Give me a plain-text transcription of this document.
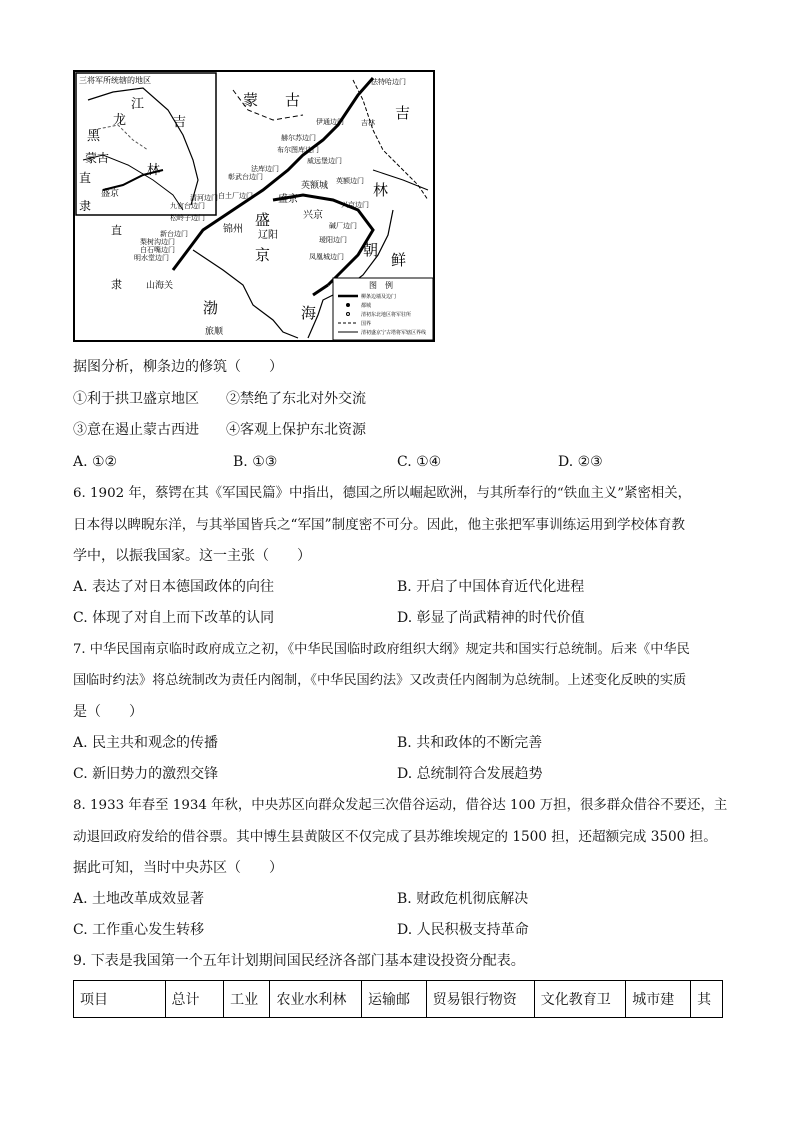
三将军所统辖的地区
江
吉
龙
黑
林
蒙古
盛京
直
隶
蒙 古
吉
林
盛
京	朝
鲜
渤	海
直
隶
辽阳
兴京
锦州
盛京
英额城
山海关
旅顺
法特哈边门
伊通边门 吉林
赫尔苏边门
布尔图库边门
威远堡边门
法库边门
彰武台边门	英额边门
清河边门 白土厂边门
九官台边门
松岭子边门
兴京边门
碱厂边门
瑷阳边门
凤凰城边门
新台边门
梨树沟边门
白石嘴边门
明水堂边门
图　例
柳条边墙及边门
都城
清初东北地区将军驻所
国界
清初盛京宁古塔将军辖区界线
据图分析，柳条边的修筑（　　）
①利于拱卫盛京地区 ②禁绝了东北对外交流
③意在遏止蒙古西进 ④客观上保护东北资源
A. ①②	B. ①③	C. ①④	D. ②③
6. 1902 年，蔡锷在其《军国民篇》中指出，德国之所以崛起欧洲，与其所奉行的“铁血主义”紧密相关，
日本得以睥睨东洋，与其举国皆兵之“军国”制度密不可分。因此，他主张把军事训练运用到学校体育教
学中，以振我国家。这一主张（　　）
A. 表达了对日本德国政体的向往	B. 开启了中国体育近代化进程
C. 体现了对自上而下改革的认同	D. 彰显了尚武精神的时代价值
7. 中华民国南京临时政府成立之初，《中华民国临时政府组织大纲》规定共和国实行总统制。后来《中华民
国临时约法》将总统制改为责任内阁制，《中华民国约法》又改责任内阁制为总统制。上述变化反映的实质
是（　　）
A. 民主共和观念的传播	B. 共和政体的不断完善
C. 新旧势力的激烈交锋	D. 总统制符合发展趋势
8. 1933 年春至 1934 年秋，中央苏区向群众发起三次借谷运动，借谷达 100 万担，很多群众借谷不要还，主
动退回政府发给的借谷票。其中博生县黄陂区不仅完成了县苏维埃规定的 1500 担，还超额完成 3500 担。
据此可知，当时中央苏区（　　）
A. 土地改革成效显著	B. 财政危机彻底解决
C. 工作重心发生转移	D. 人民积极支持革命
9. 下表是我国第一个五年计划期间国民经济各部门基本建设投资分配表。
项目	总计	工业	农业水利林	运输邮	贸易银行物资	文化教育卫	城市建	其
